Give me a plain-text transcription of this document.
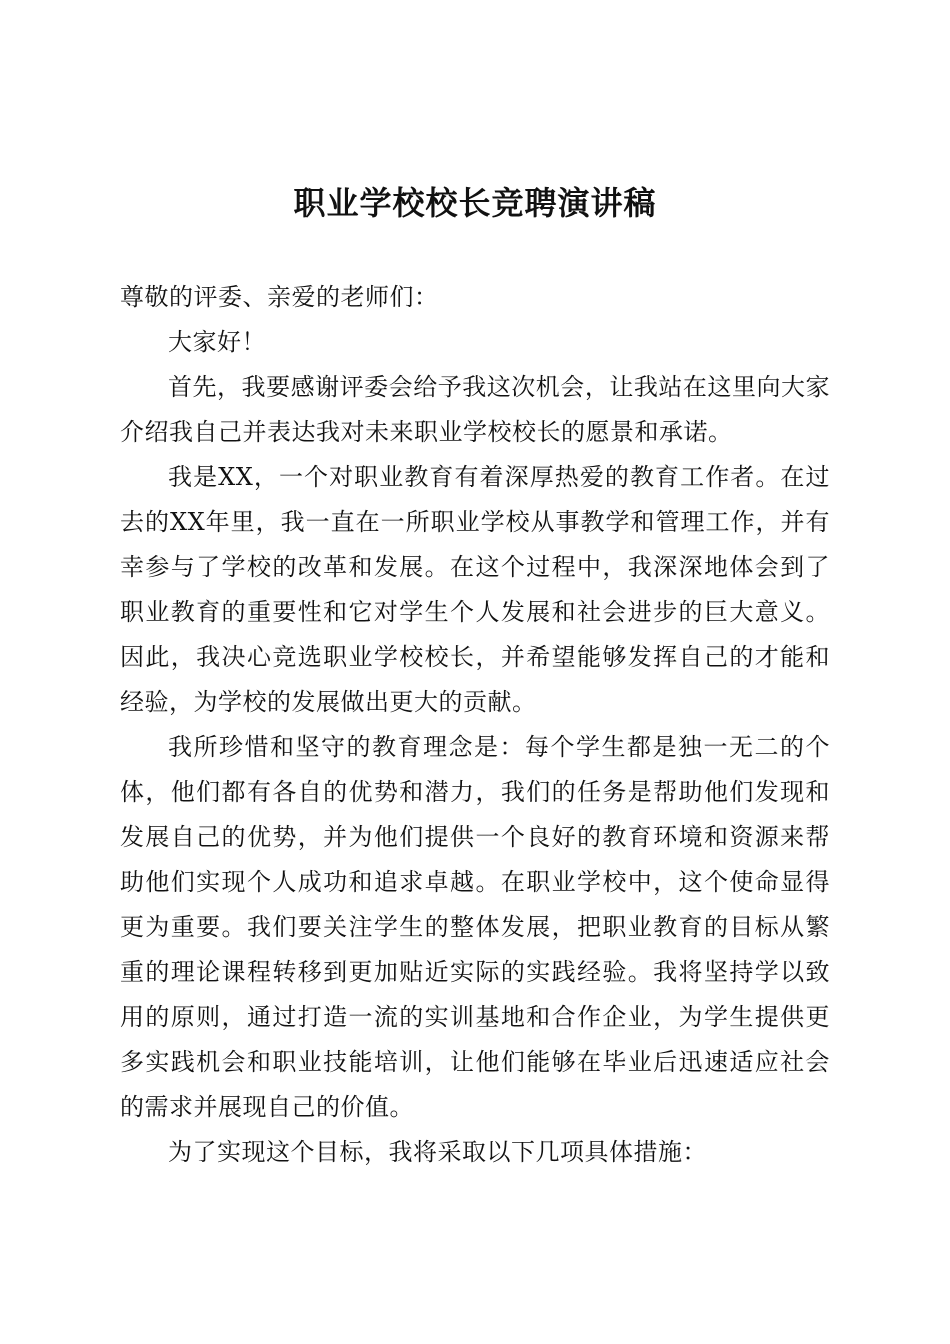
职业学校校长竞聘演讲稿

尊敬的评委、亲爱的老师们：

大家好！

首先，我要感谢评委会给予我这次机会，让我站在这里向大家介绍我自己并表达我对未来职业学校校长的愿景和承诺。

我是XX，一个对职业教育有着深厚热爱的教育工作者。在过去的XX年里，我一直在一所职业学校从事教学和管理工作，并有幸参与了学校的改革和发展。在这个过程中，我深深地体会到了职业教育的重要性和它对学生个人发展和社会进步的巨大意义。因此，我决心竞选职业学校校长，并希望能够发挥自己的才能和经验，为学校的发展做出更大的贡献。

我所珍惜和坚守的教育理念是：每个学生都是独一无二的个体，他们都有各自的优势和潜力，我们的任务是帮助他们发现和发展自己的优势，并为他们提供一个良好的教育环境和资源来帮助他们实现个人成功和追求卓越。在职业学校中，这个使命显得更为重要。我们要关注学生的整体发展，把职业教育的目标从繁重的理论课程转移到更加贴近实际的实践经验。我将坚持学以致用的原则，通过打造一流的实训基地和合作企业，为学生提供更多实践机会和职业技能培训，让他们能够在毕业后迅速适应社会的需求并展现自己的价值。

为了实现这个目标，我将采取以下几项具体措施：
